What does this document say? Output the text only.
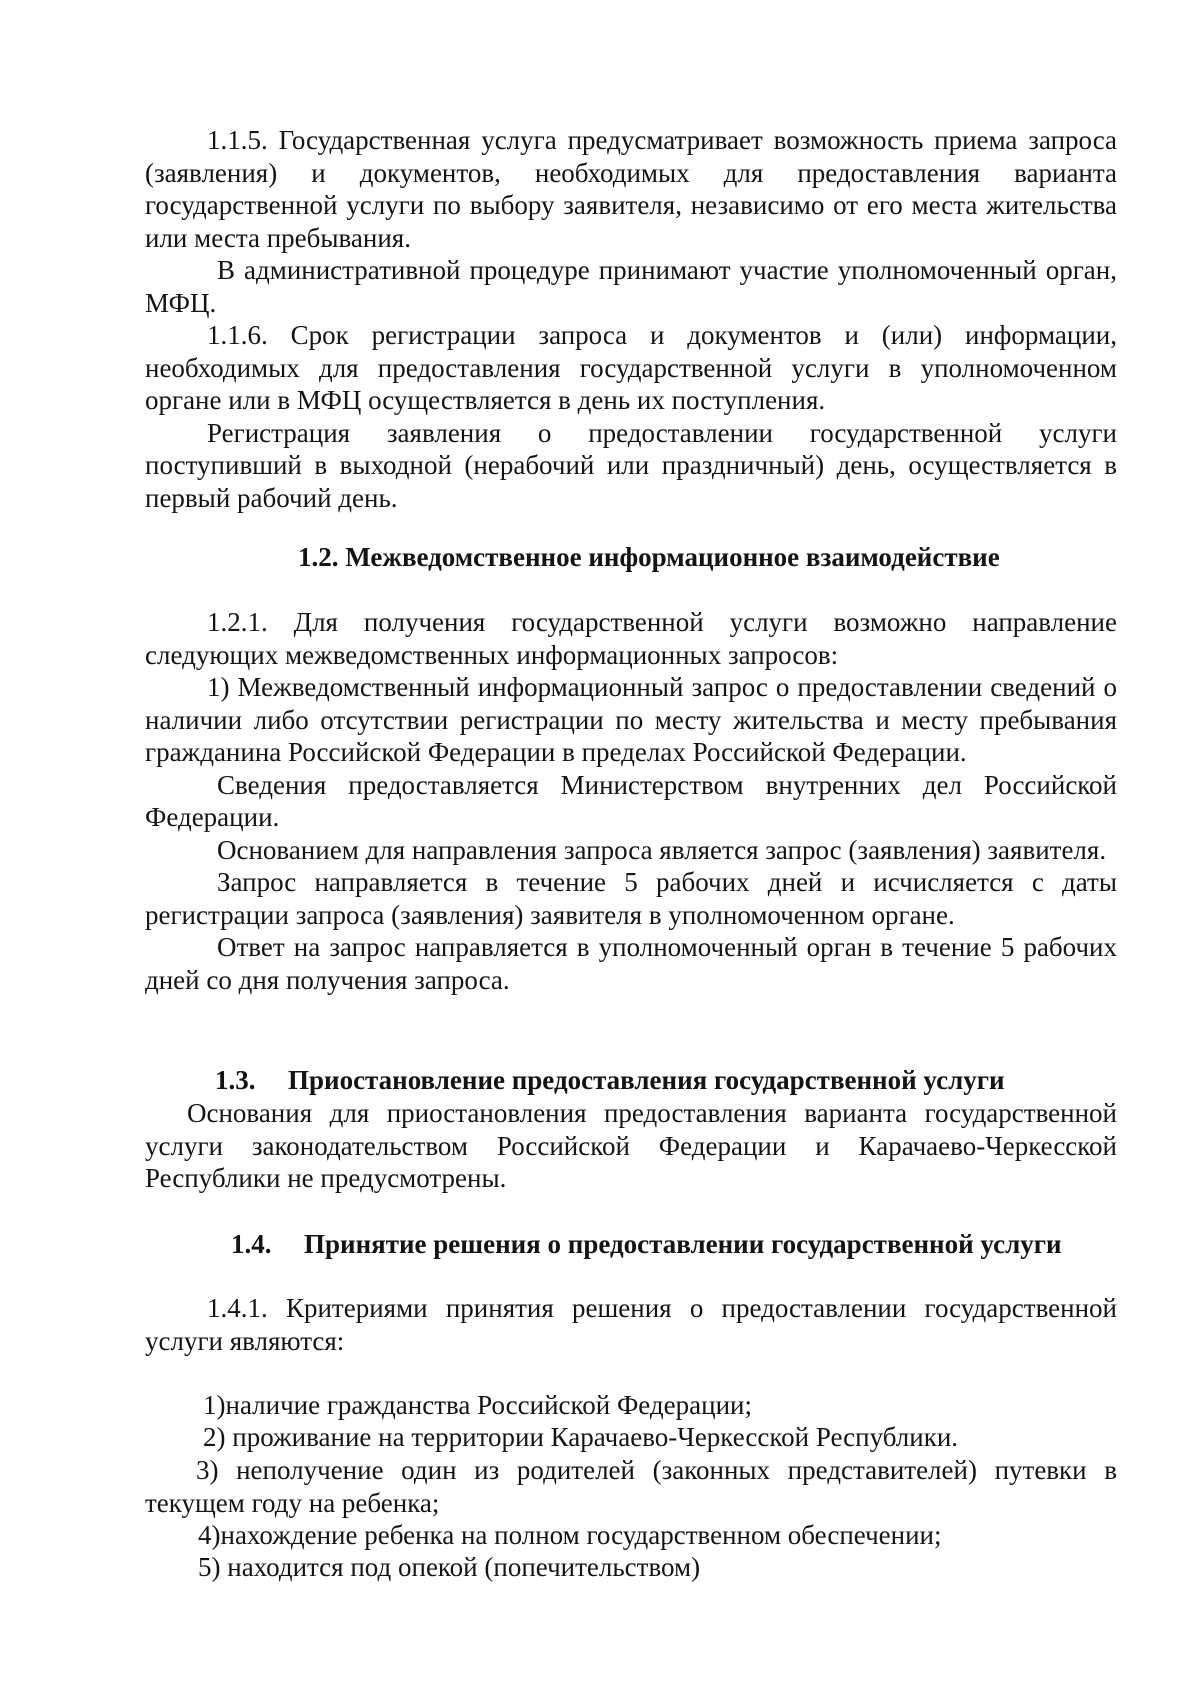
1.1.5. Государственная услуга предусматривает возможность приема запроса (заявления) и документов, необходимых для предоставления варианта государственной услуги по выбору заявителя, независимо от его места жительства или места пребывания.

В административной процедуре принимают участие уполномоченный орган, МФЦ.

1.1.6. Срок регистрации запроса и документов и (или) информации, необходимых для предоставления государственной услуги в уполномоченном органе или в МФЦ осуществляется в день их поступления.

Регистрация заявления о предоставлении государственной услуги поступивший в выходной (нерабочий или праздничный) день, осуществляется в первый рабочий день.

1.2. Межведомственное информационное взаимодействие

1.2.1. Для получения государственной услуги возможно направление следующих межведомственных информационных запросов:

1) Межведомственный информационный запрос о предоставлении сведений о наличии либо отсутствии регистрации по месту жительства и месту пребывания гражданина Российской Федерации в пределах Российской Федерации.

Сведения предоставляется Министерством внутренних дел Российской Федерации.

Основанием для направления запроса является запрос (заявления) заявителя.

Запрос направляется в течение 5 рабочих дней и исчисляется с даты регистрации запроса (заявления) заявителя в уполномоченном органе.

Ответ на запрос направляется в уполномоченный орган в течение 5 рабочих дней со дня получения запроса.

1.3. Приостановление предоставления государственной услуги

Основания для приостановления предоставления варианта государственной услуги законодательством Российской Федерации и Карачаево-Черкесской Республики не предусмотрены.

1.4. Принятие решения о предоставлении государственной услуги

1.4.1. Критериями принятия решения о предоставлении государственной услуги являются:

1)наличие гражданства Российской Федерации;
2) проживание на территории Карачаево-Черкесской Республики.
3) неполучение один из родителей (законных представителей) путевки в
текущем году на ребенка;
4)нахождение ребенка на полном государственном обеспечении;
5) находится под опекой (попечительством)
